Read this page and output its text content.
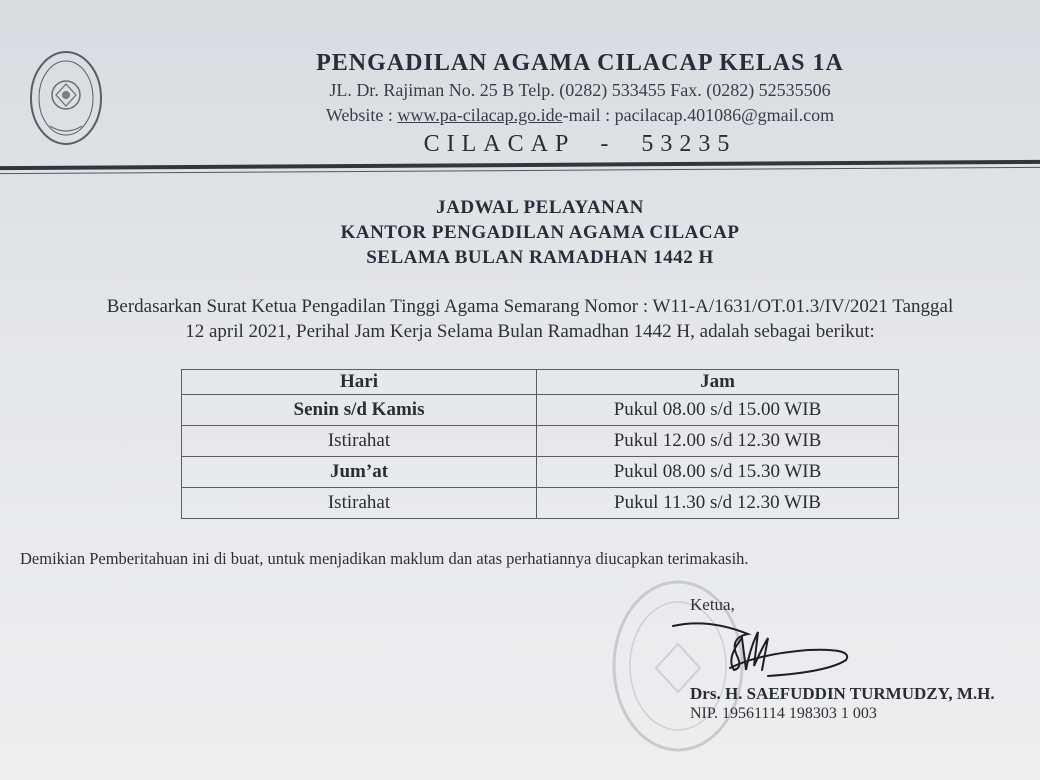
PENGADILAN AGAMA CILACAP KELAS 1A
JL. Dr. Rajiman No. 25 B Telp. (0282) 533455 Fax. (0282) 52535506
Website : www.pa-cilacap.go.ide-mail : pacilacap.401086@gmail.com
CILACAP  -  53235
JADWAL PELAYANAN
KANTOR PENGADILAN AGAMA CILACAP
SELAMA BULAN RAMADHAN 1442 H
Berdasarkan Surat Ketua Pengadilan Tinggi Agama Semarang Nomor : W11-A/1631/OT.01.3/IV/2021 Tanggal
12 april 2021, Perihal Jam Kerja Selama Bulan Ramadhan 1442 H, adalah sebagai berikut:
Hari	Jam
Senin s/d Kamis	Pukul 08.00 s/d 15.00 WIB
Istirahat	Pukul 12.00 s/d 12.30 WIB
Jum’at	Pukul 08.00 s/d 15.30 WIB
Istirahat	Pukul 11.30 s/d 12.30 WIB
Demikian Pemberitahuan ini di buat, untuk menjadikan maklum dan atas perhatiannya diucapkan terimakasih.
Ketua,
Drs. H. SAEFUDDIN TURMUDZY, M.H.
NIP. 19561114 198303 1 003
